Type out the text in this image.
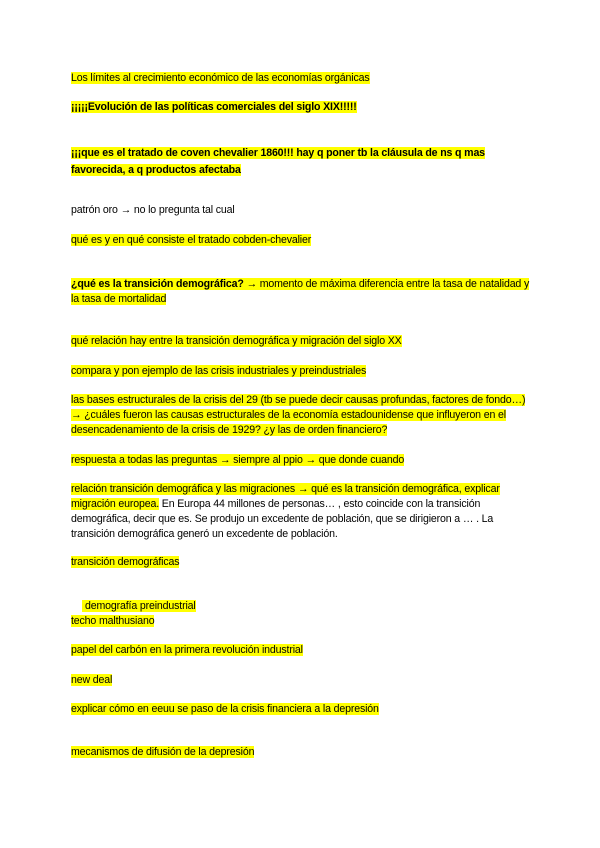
Los límites al crecimiento económico de las economías orgánicas

¡¡¡¡¡Evolución de las políticas comerciales del siglo XIX!!!!!

¡¡¡que es el tratado de coven chevalier 1860!!! hay q poner tb la cláusula de ns q mas favorecida, a q productos afectaba

patrón oro → no lo pregunta tal cual

qué es y en qué consiste el tratado cobden-chevalier

¿qué es la transición demográfica? → momento de máxima diferencia entre la tasa de natalidad y la tasa de mortalidad

qué relación hay entre la transición demográfica y migración del siglo XX

compara y pon ejemplo de las crisis industriales y preindustriales

las bases estructurales de la crisis del 29 (tb se puede decir causas profundas, factores de fondo…) → ¿cuáles fueron las causas estructurales de la economía estadounidense que influyeron en el desencadenamiento de la crisis de 1929? ¿y las de orden financiero?

respuesta a todas las preguntas → siempre al ppio → que donde cuando

relación transición demográfica y las migraciones → qué es la transición demográfica, explicar migración europea. En Europa 44 millones de personas… , esto coincide con la transición demográfica, decir que es. Se produjo un excedente de población, que se dirigieron a … . La transición demográfica generó un excedente de población.

transición demográficas

demografía preindustrial

techo malthusiano

papel del carbón en la primera revolución industrial

new deal

explicar cómo en eeuu se paso de la crisis financiera a la depresión

mecanismos de difusión de la depresión
